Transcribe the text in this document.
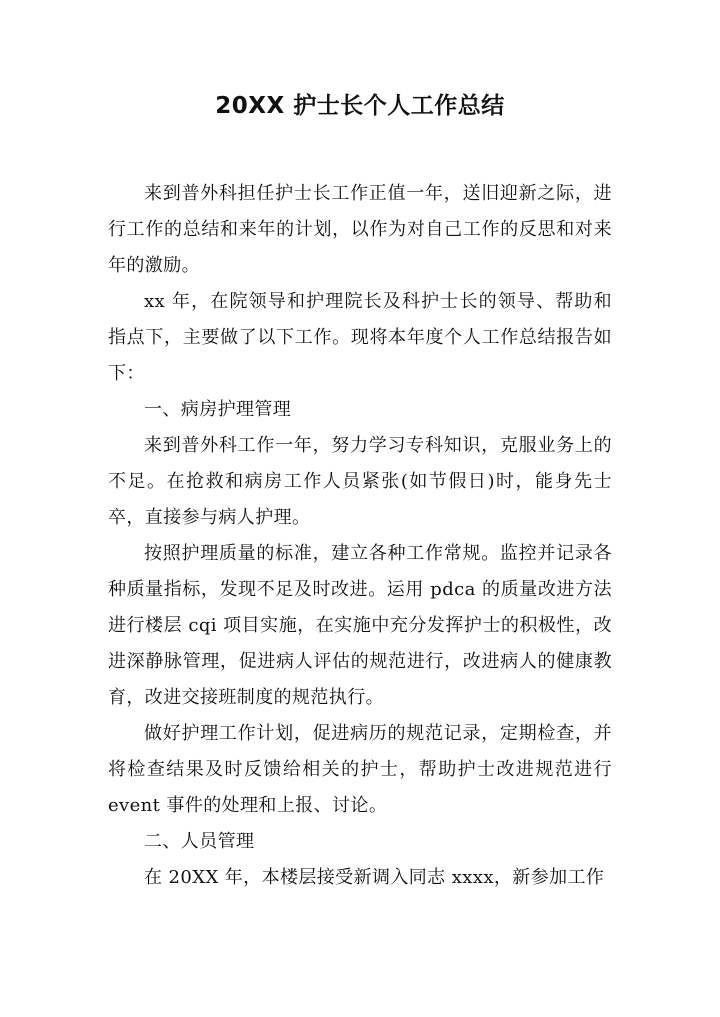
20XX 护士长个人工作总结

来到普外科担任护士长工作正值一年，送旧迎新之际，进行工作的总结和来年的计划，以作为对自己工作的反思和对来年的激励。

xx 年，在院领导和护理院长及科护士长的领导、帮助和指点下，主要做了以下工作。现将本年度个人工作总结报告如下：

一、病房护理管理

来到普外科工作一年，努力学习专科知识，克服业务上的不足。在抢救和病房工作人员紧张(如节假日)时，能身先士卒，直接参与病人护理。

按照护理质量的标准，建立各种工作常规。监控并记录各种质量指标，发现不足及时改进。运用 pdca 的质量改进方法进行楼层 cqi 项目实施，在实施中充分发挥护士的积极性，改进深静脉管理，促进病人评估的规范进行，改进病人的健康教育，改进交接班制度的规范执行。

做好护理工作计划，促进病历的规范记录，定期检查，并将检查结果及时反馈给相关的护士，帮助护士改进规范进行 event 事件的处理和上报、讨论。

二、人员管理

在 20XX 年，本楼层接受新调入同志 xxxx，新参加工作
